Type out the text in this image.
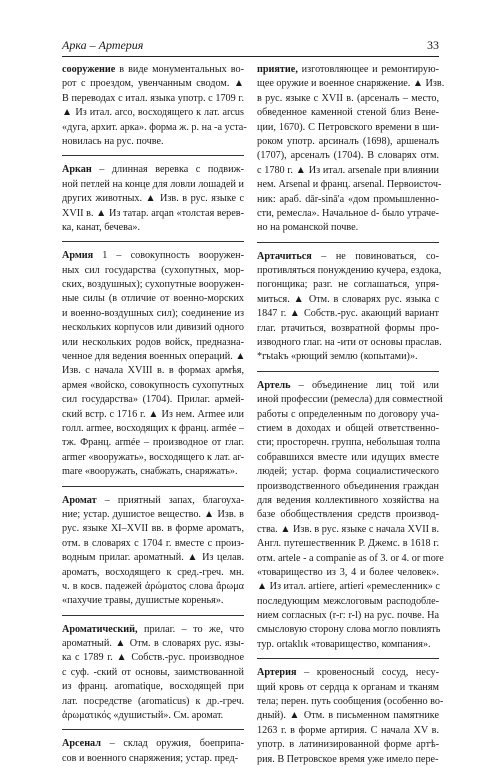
Арка – Артерия	33
сооружение в виде монументальных во-
рот с проездом, увенчанным сводом. ▲
В переводах с итал. языка употр. с 1709 г.
▲ Из итал. arco, восходящего к лат. arcus
«дуга, архит. арка». форма ж. р. на -а уста-
новилась на рус. почве.
Аркан – длинная веревка с подвиж-
ной петлей на конце для ловли лошадей и
других животных. ▲ Изв. в рус. языке с
XVII в. ▲ Из татар. arqan «толстая верев-
ка, канат, бечева».
Армия 1 – совокупность вооружен-
ных сил государства (сухопутных, мор-
ских, воздушных); сухопутные вооружен-
ные силы (в отличие от военно-морских
и военно-воздушных сил); соединение из
нескольких корпусов или дивизий одного
или нескольких родов войск, предназна-
ченное для ведения военных операций. ▲
Изв. с начала XVIII в. в формах армѣя,
армея «войско, совокупность сухопутных
сил государства» (1704). Прилаг. армей-
ский встр. с 1716 г. ▲ Из нем. Armee или
голл. armee, восходящих к франц. armée –
тж. Франц. armée – производное от глаг.
armer «вооружать», восходящего к лат. ar-
mare «вооружать, снабжать, снаряжать».
Аромат – приятный запах, благоуха-
ние; устар. душистое вещество. ▲ Изв. в
рус. языке XI–XVII вв. в форме ароматъ,
отм. в словарях с 1704 г. вместе с произ-
водным прилаг. ароматный. ▲ Из целав.
ароматъ, восходящего к сред.-греч. мн.
ч. в косв. падежей ἀρώματος слова ἄρωμα
«пахучие травы, душистые коренья».
Ароматический, прилаг. – то же, что
ароматный. ▲ Отм. в словарях рус. язы-
ка с 1789 г. ▲ Собств.-рус. производное
с суф. -ский от основы, заимствованной
из франц. aromatique, восходящей при
лат. посредстве (aromaticus) к др.-греч.
ἀρωματικός «душистый». См. аромат.
Арсенал – склад оружия, боеприпа-
сов и военного снаряжения; устар. пред-
приятие, изготовляющее и ремонтирую-
щее оружие и военное снаряжение. ▲ Изв.
в рус. языке с XVII в. (арсеналъ – место,
обведенное каменной стеной близ Вене-
ции, 1670). С Петровского времени в ши-
роком употр. арсиналъ (1698), аршеналъ
(1707), арсеналъ (1704). В словарях отм.
с 1780 г. ▲ Из итал. arsenale при влиянии
нем. Arsenal и франц. arsenal. Первоисточ-
ник: араб. dār-sinā'a «дом промышленно-
сти, ремесла». Начальное d- было утраче-
но на романской почве.
Артачиться – не повиноваться, со-
противляться понуждению кучера, ездока,
погонщика; разг. не соглашаться, упря-
миться. ▲ Отм. в словарях рус. языка с
1847 г. ▲ Собств.-рус. акающий вариант
глаг. ртачиться, возвратной формы про-
изводного глаг. на -ити от основы праслав.
*rъtakъ «рющий землю (копытами)».
Артель – объединение лиц той или
иной профессии (ремесла) для совместной
работы с определенным по договору уча-
стием в доходах и общей ответственно-
сти; просторечн. группа, небольшая толпа
собравшихся вместе или идущих вместе
людей; устар. форма социалистического
производственного объединения граждан
для ведения коллективного хозяйства на
базе обобществления средств производ-
ства. ▲ Изв. в рус. языке с начала XVII в.
Англ. путешественник Р. Джемс. в 1618 г.
отм. artele - a companie as of 3. or 4. or more
«товарищество из 3, 4 и более человек».
▲ Из итал. artiere, artieri «ремесленник» с
последующим межслоговым расподобле-
нием согласных (r-r: r-l) на рус. почве. На
смысловую сторону слова могло повлиять
тур. ortaklık «товарищество, компания».
Артерия – кровеносный сосуд, несу-
щий кровь от сердца к органам и тканям
тела; перен. путь сообщения (особенно во-
дный). ▲ Отм. в письменном памятнике
1263 г. в форме артирия. С начала XV в.
употр. в латинизированной форме артѣ-
рия. В Петровское время уже имело пере-
